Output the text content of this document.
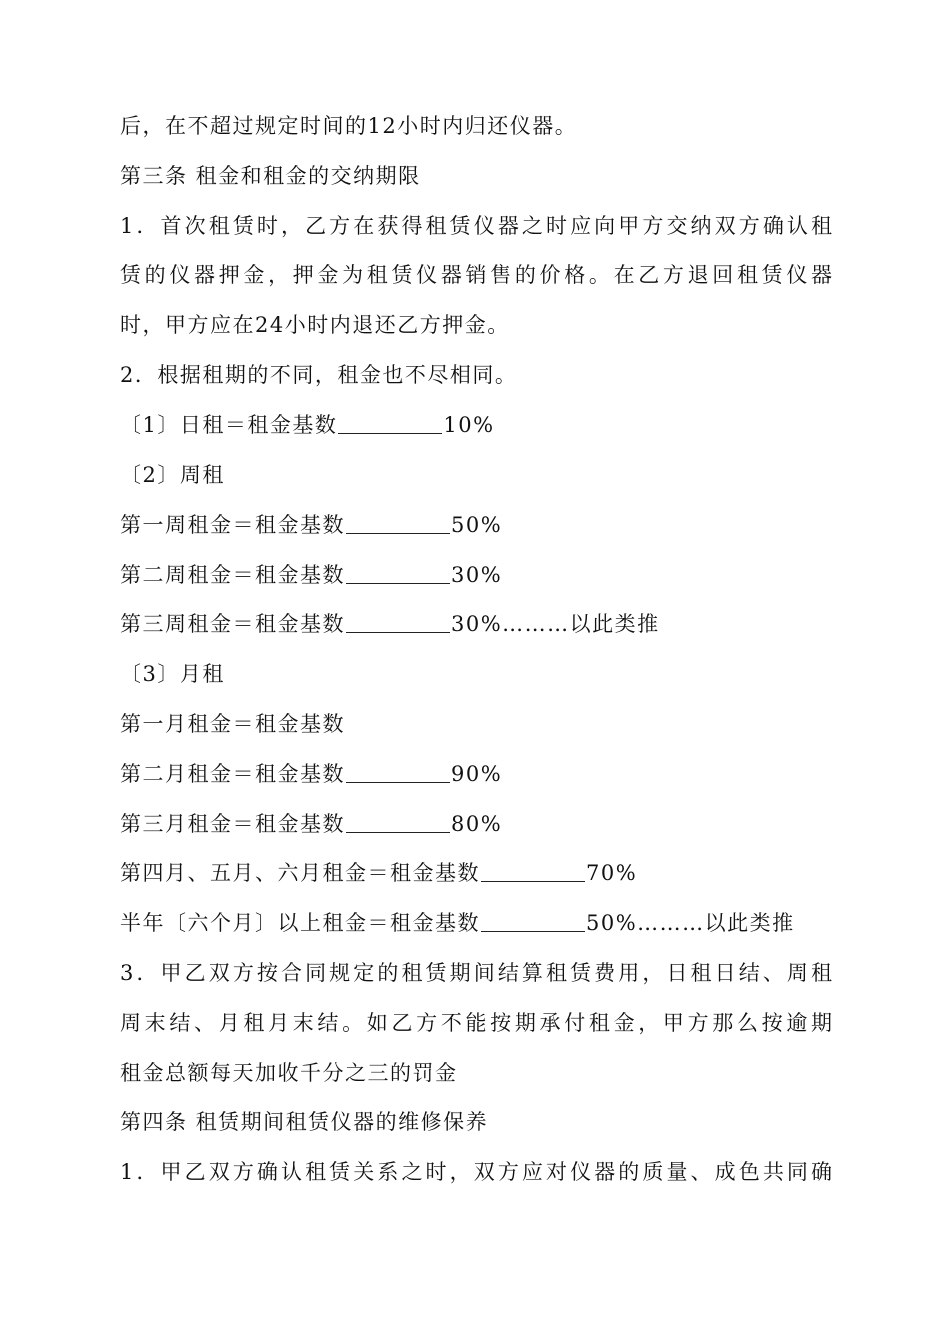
后，在不超过规定时间的12小时内归还仪器。
第三条 租金和租金的交纳期限
1．首次租赁时，乙方在获得租赁仪器之时应向甲方交纳双方确认租
赁的仪器押金，押金为租赁仪器销售的价格。在乙方退回租赁仪器
时，甲方应在24小时内退还乙方押金。
2．根据租期的不同，租金也不尽相同。
〔1〕日租＝租金基数	10%
〔2〕周租
第一周租金＝租金基数	50%
第二周租金＝租金基数	30%
第三周租金＝租金基数	30%………以此类推
〔3〕月租
第一月租金＝租金基数
第二月租金＝租金基数	90%
第三月租金＝租金基数	80%
第四月、五月、六月租金＝租金基数	70%
半年〔六个月〕以上租金＝租金基数	50%………以此类推
3．甲乙双方按合同规定的租赁期间结算租赁费用，日租日结、周租
周末结、月租月末结。如乙方不能按期承付租金，甲方那么按逾期
租金总额每天加收千分之三的罚金
第四条 租赁期间租赁仪器的维修保养
1．甲乙双方确认租赁关系之时，双方应对仪器的质量、成色共同确
